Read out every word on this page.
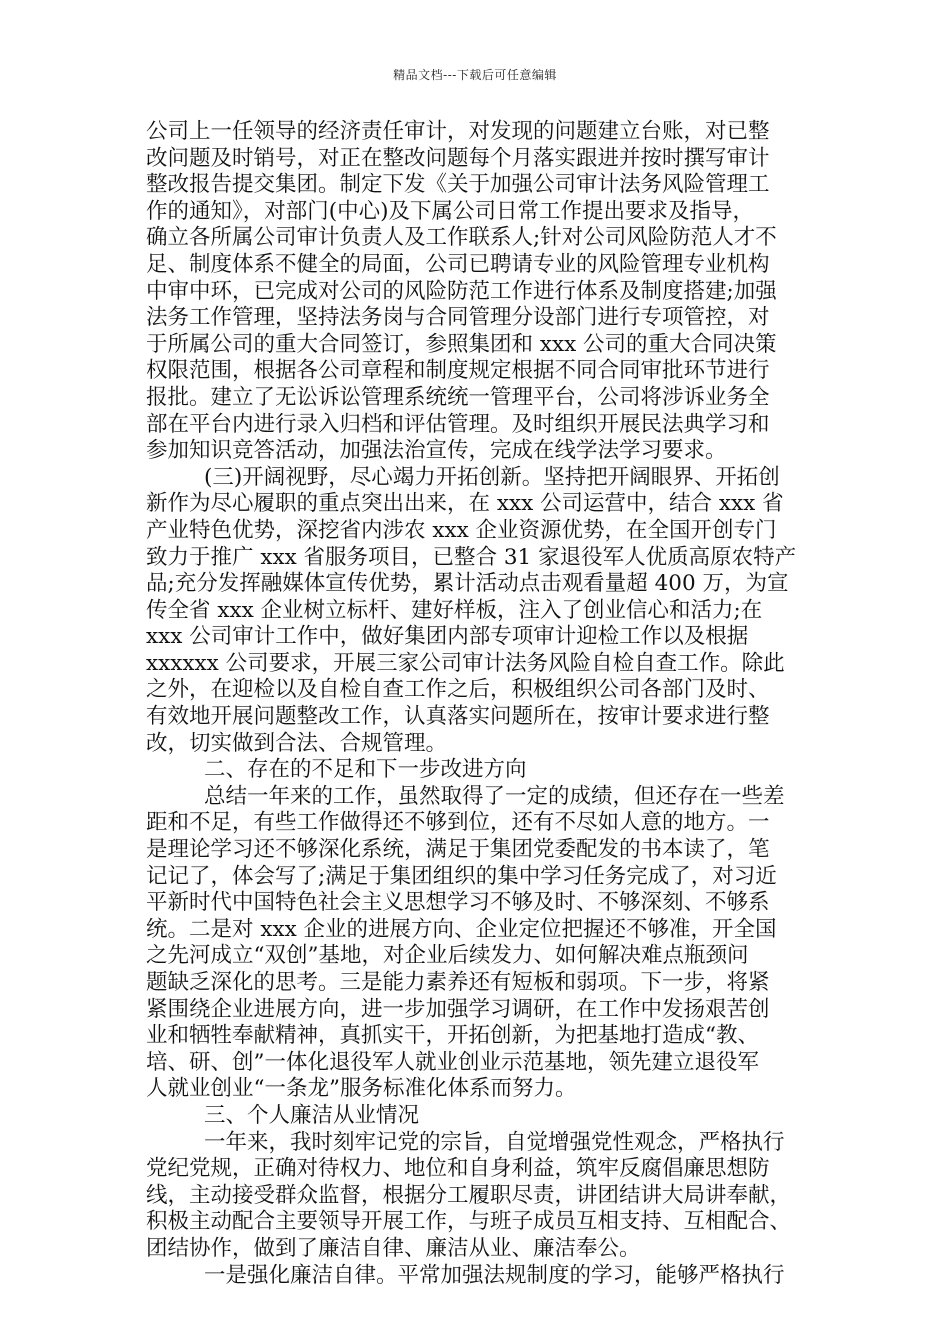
精品文档---下载后可任意编辑
公司上一任领导的经济责任审计，对发现的问题建立台账，对已整
改问题及时销号，对正在整改问题每个月落实跟进并按时撰写审计
整改报告提交集团。制定下发《关于加强公司审计法务风险管理工
作的通知》，对部门(中心)及下属公司日常工作提出要求及指导，
确立各所属公司审计负责人及工作联系人;针对公司风险防范人才不
足、制度体系不健全的局面，公司已聘请专业的风险管理专业机构
中审中环，已完成对公司的风险防范工作进行体系及制度搭建;加强
法务工作管理，坚持法务岗与合同管理分设部门进行专项管控，对
于所属公司的重大合同签订，参照集团和 xxx 公司的重大合同决策
权限范围，根据各公司章程和制度规定根据不同合同审批环节进行
报批。建立了无讼诉讼管理系统统一管理平台，公司将涉诉业务全
部在平台内进行录入归档和评估管理。及时组织开展民法典学习和
参加知识竞答活动，加强法治宣传，完成在线学法学习要求。
(三)开阔视野，尽心竭力开拓创新。坚持把开阔眼界、开拓创
新作为尽心履职的重点突出出来，在 xxx 公司运营中，结合 xxx 省
产业特色优势，深挖省内涉农 xxx 企业资源优势，在全国开创专门
致力于推广 xxx 省服务项目，已整合 31 家退役军人优质高原农特产
品;充分发挥融媒体宣传优势，累计活动点击观看量超 400 万，为宣
传全省 xxx 企业树立标杆、建好样板，注入了创业信心和活力;在
xxx 公司审计工作中，做好集团内部专项审计迎检工作以及根据
xxxxxx 公司要求，开展三家公司审计法务风险自检自查工作。除此
之外，在迎检以及自检自查工作之后，积极组织公司各部门及时、
有效地开展问题整改工作，认真落实问题所在，按审计要求进行整
改，切实做到合法、合规管理。
二、存在的不足和下一步改进方向
总结一年来的工作，虽然取得了一定的成绩，但还存在一些差
距和不足，有些工作做得还不够到位，还有不尽如人意的地方。一
是理论学习还不够深化系统，满足于集团党委配发的书本读了，笔
记记了，体会写了;满足于集团组织的集中学习任务完成了，对习近
平新时代中国特色社会主义思想学习不够及时、不够深刻、不够系
统。二是对 xxx 企业的进展方向、企业定位把握还不够准，开全国
之先河成立“双创”基地，对企业后续发力、如何解决难点瓶颈问
题缺乏深化的思考。三是能力素养还有短板和弱项。下一步，将紧
紧围绕企业进展方向，进一步加强学习调研，在工作中发扬艰苦创
业和牺牲奉献精神，真抓实干，开拓创新，为把基地打造成“教、
培、研、创”一体化退役军人就业创业示范基地，领先建立退役军
人就业创业“一条龙”服务标准化体系而努力。
三、个人廉洁从业情况
一年来，我时刻牢记党的宗旨，自觉增强党性观念，严格执行
党纪党规，正确对待权力、地位和自身利益，筑牢反腐倡廉思想防
线，主动接受群众监督，根据分工履职尽责，讲团结讲大局讲奉献，
积极主动配合主要领导开展工作，与班子成员互相支持、互相配合、
团结协作，做到了廉洁自律、廉洁从业、廉洁奉公。
一是强化廉洁自律。平常加强法规制度的学习，能够严格执行
